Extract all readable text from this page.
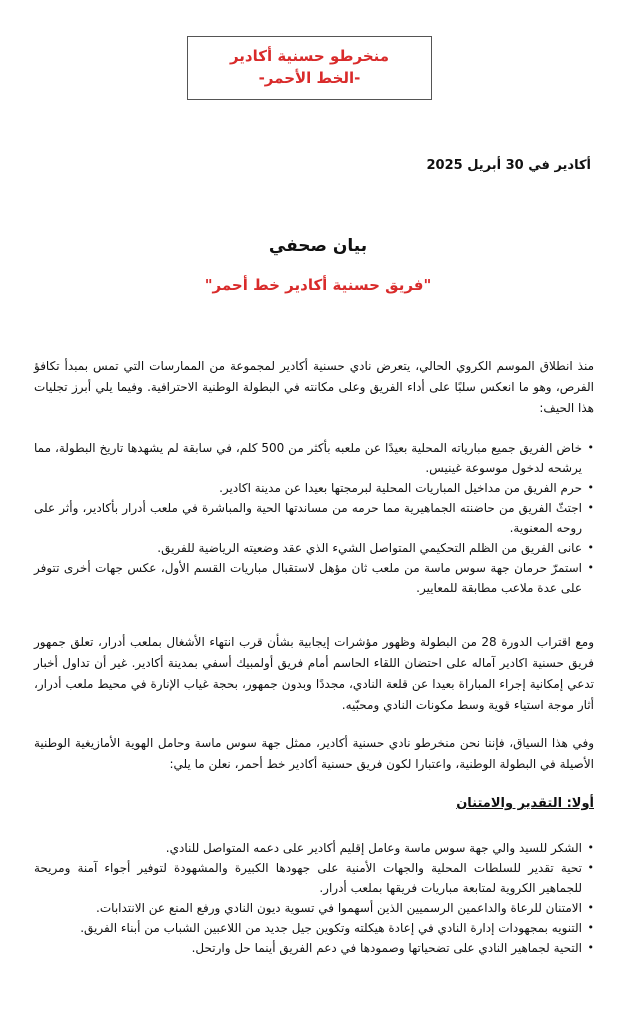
منخرطو حسنية أكادير
-الخط الأحمر-
أكادير في 30 أبريل 2025
بيان صحفي
"فريق حسنية أكادير خط أحمر"
منذ انطلاق الموسم الكروي الحالي، يتعرض نادي حسنية أكادير لمجموعة من الممارسات التي تمس بمبدأ تكافؤ الفرص، وهو ما انعكس سلبًا على أداء الفريق وعلى مكانته في البطولة الوطنية الاحترافية. وفيما يلي أبرز تجليات هذا الحيف:
•
خاض الفريق جميع مبارياته المحلية بعيدًا عن ملعبه بأكثر من 500 كلم، في سابقة لم يشهدها تاريخ البطولة، مما يرشحه لدخول موسوعة غينيس.
•
حرم الفريق من مداخيل المباريات المحلية لبرمجتها بعيدا عن مدينة اكادير.
•
اجتثّ الفريق من حاضنته الجماهيرية مما حرمه من مساندتها الحية والمباشرة في ملعب أدرار بأكادير، وأثر على روحه المعنوية.
•
عانى الفريق من الظلم التحكيمي المتواصل الشيء الذي عقد وضعيته الرياضية للفريق.
•
استمرّ حرمان جهة سوس ماسة من ملعب ثان مؤهل لاستقبال مباريات القسم الأول، عكس جهات أخرى تتوفر على عدة ملاعب مطابقة للمعايير.
ومع اقتراب الدورة 28 من البطولة وظهور مؤشرات إيجابية بشأن قرب انتهاء الأشغال بملعب أدرار، تعلق جمهور فريق حسنية اكادير آماله على احتضان اللقاء الحاسم أمام فريق أولمبيك أسفي بمدينة أكادير. غير أن تداول أخبار تدعي إمكانية إجراء المباراة بعيدا عن قلعة النادي، مجددًا وبدون جمهور، بحجة غياب الإنارة في محيط ملعب أدرار، أثار موجة استياء قوية وسط مكونات النادي ومحبّيه.
وفي هذا السياق، فإننا نحن منخرطو نادي حسنية أكادير، ممثل جهة سوس ماسة وحامل الهوية الأمازيغية الوطنية الأصيلة في البطولة الوطنية، واعتبارا لكون فريق حسنية أكادير خط أحمر، نعلن ما يلي:
أولا: التقدير والامتنان
•
الشكر للسيد والي جهة سوس ماسة وعامل إقليم أكادير على دعمه المتواصل للنادي.
•
تحية تقدير للسلطات المحلية والجهات الأمنية على جهودها الكبيرة والمشهودة لتوفير أجواء آمنة ومريحة للجماهير الكروية لمتابعة مباريات فريقها بملعب أدرار.
•
الامتنان للرعاة والداعمين الرسميين الذين أسهموا في تسوية ديون النادي ورفع المنع عن الانتدابات.
•
التنويه بمجهودات إدارة النادي في إعادة هيكلته وتكوين جيل جديد من اللاعبين الشباب من أبناء الفريق.
•
التحية لجماهير النادي على تضحياتها وصمودها في دعم الفريق أينما حل وارتحل.
